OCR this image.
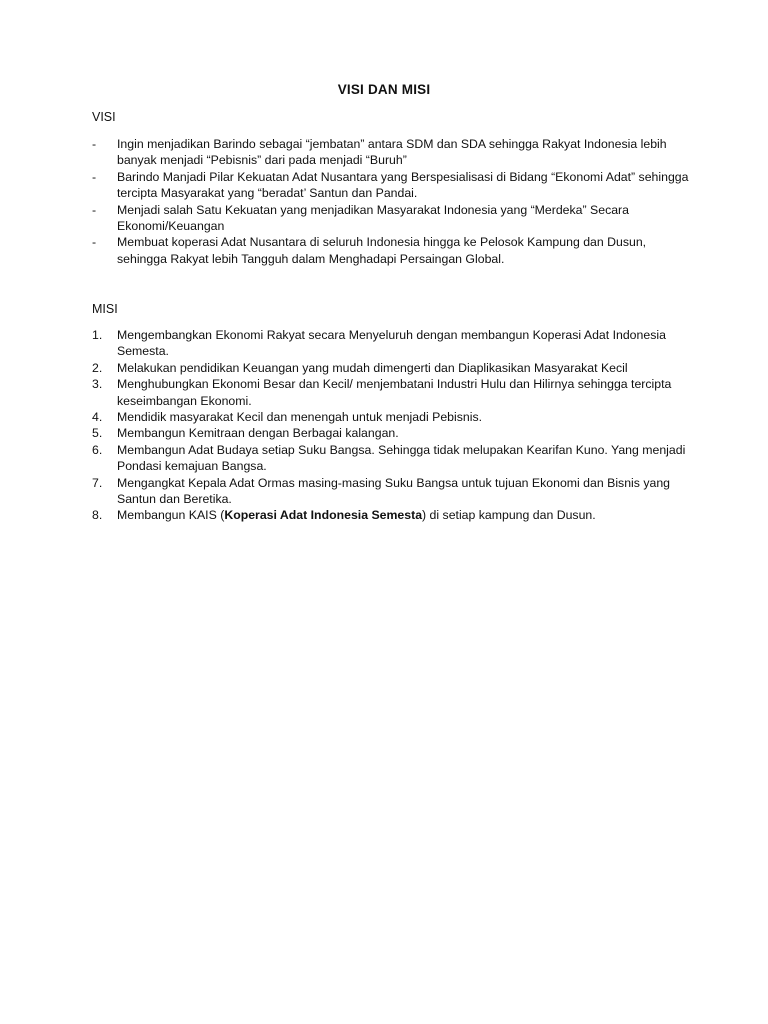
VISI DAN MISI
VISI
-	Ingin menjadikan Barindo sebagai “jembatan” antara SDM dan SDA sehingga Rakyat Indonesia lebih banyak menjadi “Pebisnis” dari pada menjadi “Buruh”
-	Barindo Manjadi Pilar Kekuatan Adat Nusantara yang Berspesialisasi di Bidang “Ekonomi Adat” sehingga tercipta Masyarakat yang “beradat’ Santun dan Pandai.
-	Menjadi salah Satu Kekuatan yang menjadikan Masyarakat Indonesia yang “Merdeka” Secara Ekonomi/Keuangan
-	Membuat koperasi Adat Nusantara di seluruh Indonesia hingga ke Pelosok Kampung dan Dusun, sehingga Rakyat lebih Tangguh dalam Menghadapi Persaingan Global.
MISI
1.	Mengembangkan Ekonomi Rakyat secara Menyeluruh dengan membangun Koperasi Adat Indonesia Semesta.
2.	Melakukan pendidikan Keuangan yang mudah dimengerti dan Diaplikasikan Masyarakat Kecil
3.	Menghubungkan Ekonomi Besar dan Kecil/ menjembatani Industri Hulu dan Hilirnya sehingga tercipta keseimbangan Ekonomi.
4.	Mendidik masyarakat Kecil dan menengah untuk menjadi Pebisnis.
5.	Membangun Kemitraan dengan Berbagai kalangan.
6.	Membangun Adat Budaya setiap Suku Bangsa. Sehingga tidak melupakan Kearifan Kuno. Yang menjadi Pondasi kemajuan Bangsa.
7.	Mengangkat Kepala Adat Ormas masing-masing Suku Bangsa untuk tujuan Ekonomi dan Bisnis yang Santun dan Beretika.
8.	Membangun KAIS (Koperasi Adat Indonesia Semesta) di setiap kampung dan Dusun.
